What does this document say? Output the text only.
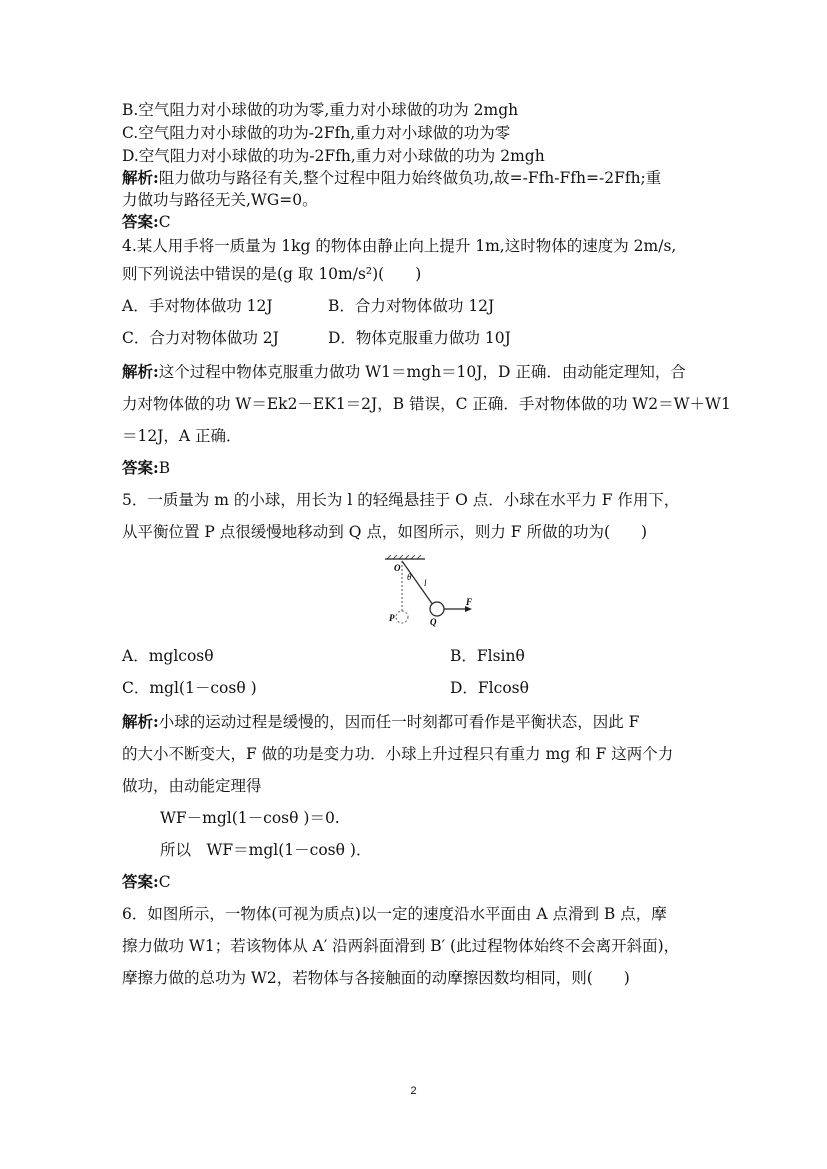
B.空气阻力对小球做的功为零,重力对小球做的功为 2mgh
C.空气阻力对小球做的功为-2Ffh,重力对小球做的功为零
D.空气阻力对小球做的功为-2Ffh,重力对小球做的功为 2mgh
解析:阻力做功与路径有关,整个过程中阻力始终做负功,故=-Ffh-Ffh=-2Ffh;重
力做功与路径无关,WG=0。
答案:C
4.某人用手将一质量为 1kg 的物体由静止向上提升 1m,这时物体的速度为 2m/s,
则下列说法中错误的是(g 取 10m/s²)(　　)
A．手对物体做功 12J	B．合力对物体做功 12J
C．合力对物体做功 2J	D．物体克服重力做功 10J
解析:这个过程中物体克服重力做功 W1＝mgh＝10J，D 正确．由动能定理知，合
力对物体做的功 W＝Ek2－EK1＝2J，B 错误，C 正确．手对物体做的功 W2＝W＋W1
＝12J，A 正确．
答案:B
5．一质量为 m 的小球，用长为 l 的轻绳悬挂于 O 点．小球在水平力 F 作用下，
从平衡位置 P 点很缓慢地移动到 Q 点，如图所示，则力 F 所做的功为(　　)
O
θ
l
F
P	Q
A．mglcosθ	B．Flsinθ
C．mgl(1－cosθ )	D．Flcosθ
解析:小球的运动过程是缓慢的，因而任一时刻都可看作是平衡状态，因此 F
的大小不断变大，F 做的功是变力功．小球上升过程只有重力 mg 和 F 这两个力
做功，由动能定理得
WF－mgl(1－cosθ )＝0.
所以　WF＝mgl(1－cosθ )．
答案:C
6．如图所示，一物体(可视为质点)以一定的速度沿水平面由 A 点滑到 B 点，摩
擦力做功 W1；若该物体从 A′ 沿两斜面滑到 B′ (此过程物体始终不会离开斜面)，
摩擦力做的总功为 W2，若物体与各接触面的动摩擦因数均相同，则(　　)
2
